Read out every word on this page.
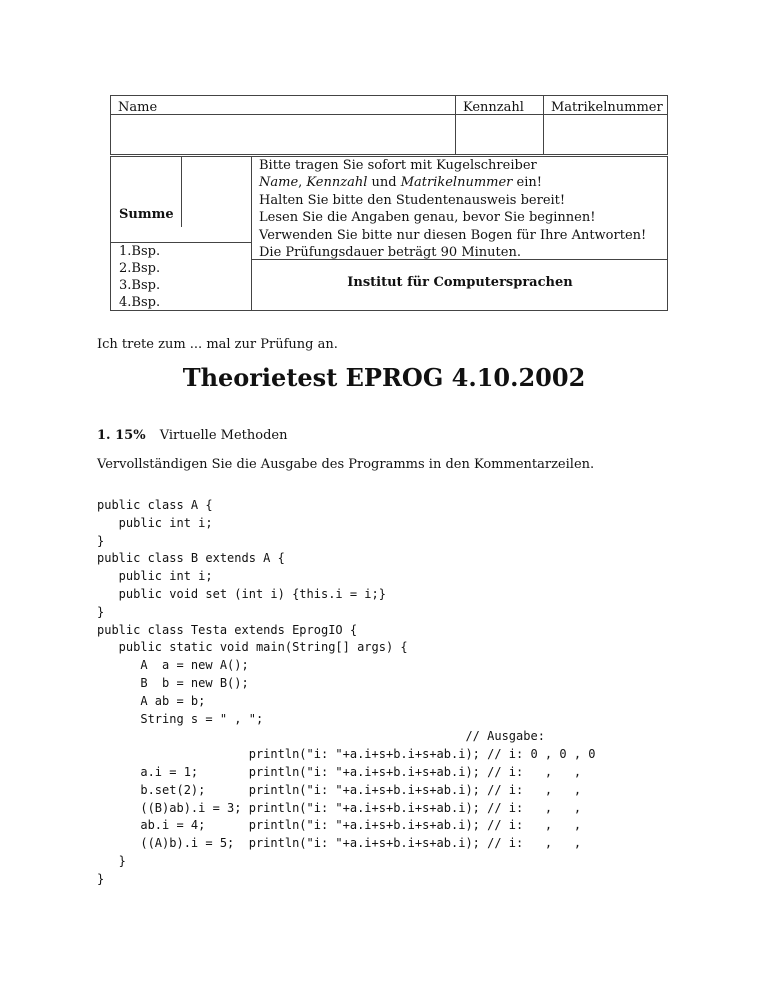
Name	Kennzahl	Matrikelnummer
Summe
1.Bsp.
2.Bsp.
3.Bsp.
4.Bsp.
Bitte tragen Sie sofort mit Kugelschreiber
Name, Kennzahl und Matrikelnummer ein!
Halten Sie bitte den Studentenausweis bereit!
Lesen Sie die Angaben genau, bevor Sie beginnen!
Verwenden Sie bitte nur diesen Bogen für Ihre Antworten!
Die Prüfungsdauer beträgt 90 Minuten.
Institut für Computersprachen
Ich trete zum ... mal zur Prüfung an.
Theorietest EPROG 4.10.2002
1. 15% Virtuelle Methoden
Vervollständigen Sie die Ausgabe des Programms in den Kommentarzeilen.
public class A {
public int i;
}
public class B extends A {
public int i;
public void set (int i) {this.i = i;}
}
public class Testa extends EprogIO {
public static void main(String[] args) {
A  a = new A();
B  b = new B();
A ab = b;
String s = " , ";
// Ausgabe:
println("i: "+a.i+s+b.i+s+ab.i); // i: 0 , 0 , 0
a.i = 1;       println("i: "+a.i+s+b.i+s+ab.i); // i:   ,   ,
b.set(2);      println("i: "+a.i+s+b.i+s+ab.i); // i:   ,   ,
((B)ab).i = 3; println("i: "+a.i+s+b.i+s+ab.i); // i:   ,   ,
ab.i = 4;      println("i: "+a.i+s+b.i+s+ab.i); // i:   ,   ,
((A)b).i = 5;  println("i: "+a.i+s+b.i+s+ab.i); // i:   ,   ,
}
}
